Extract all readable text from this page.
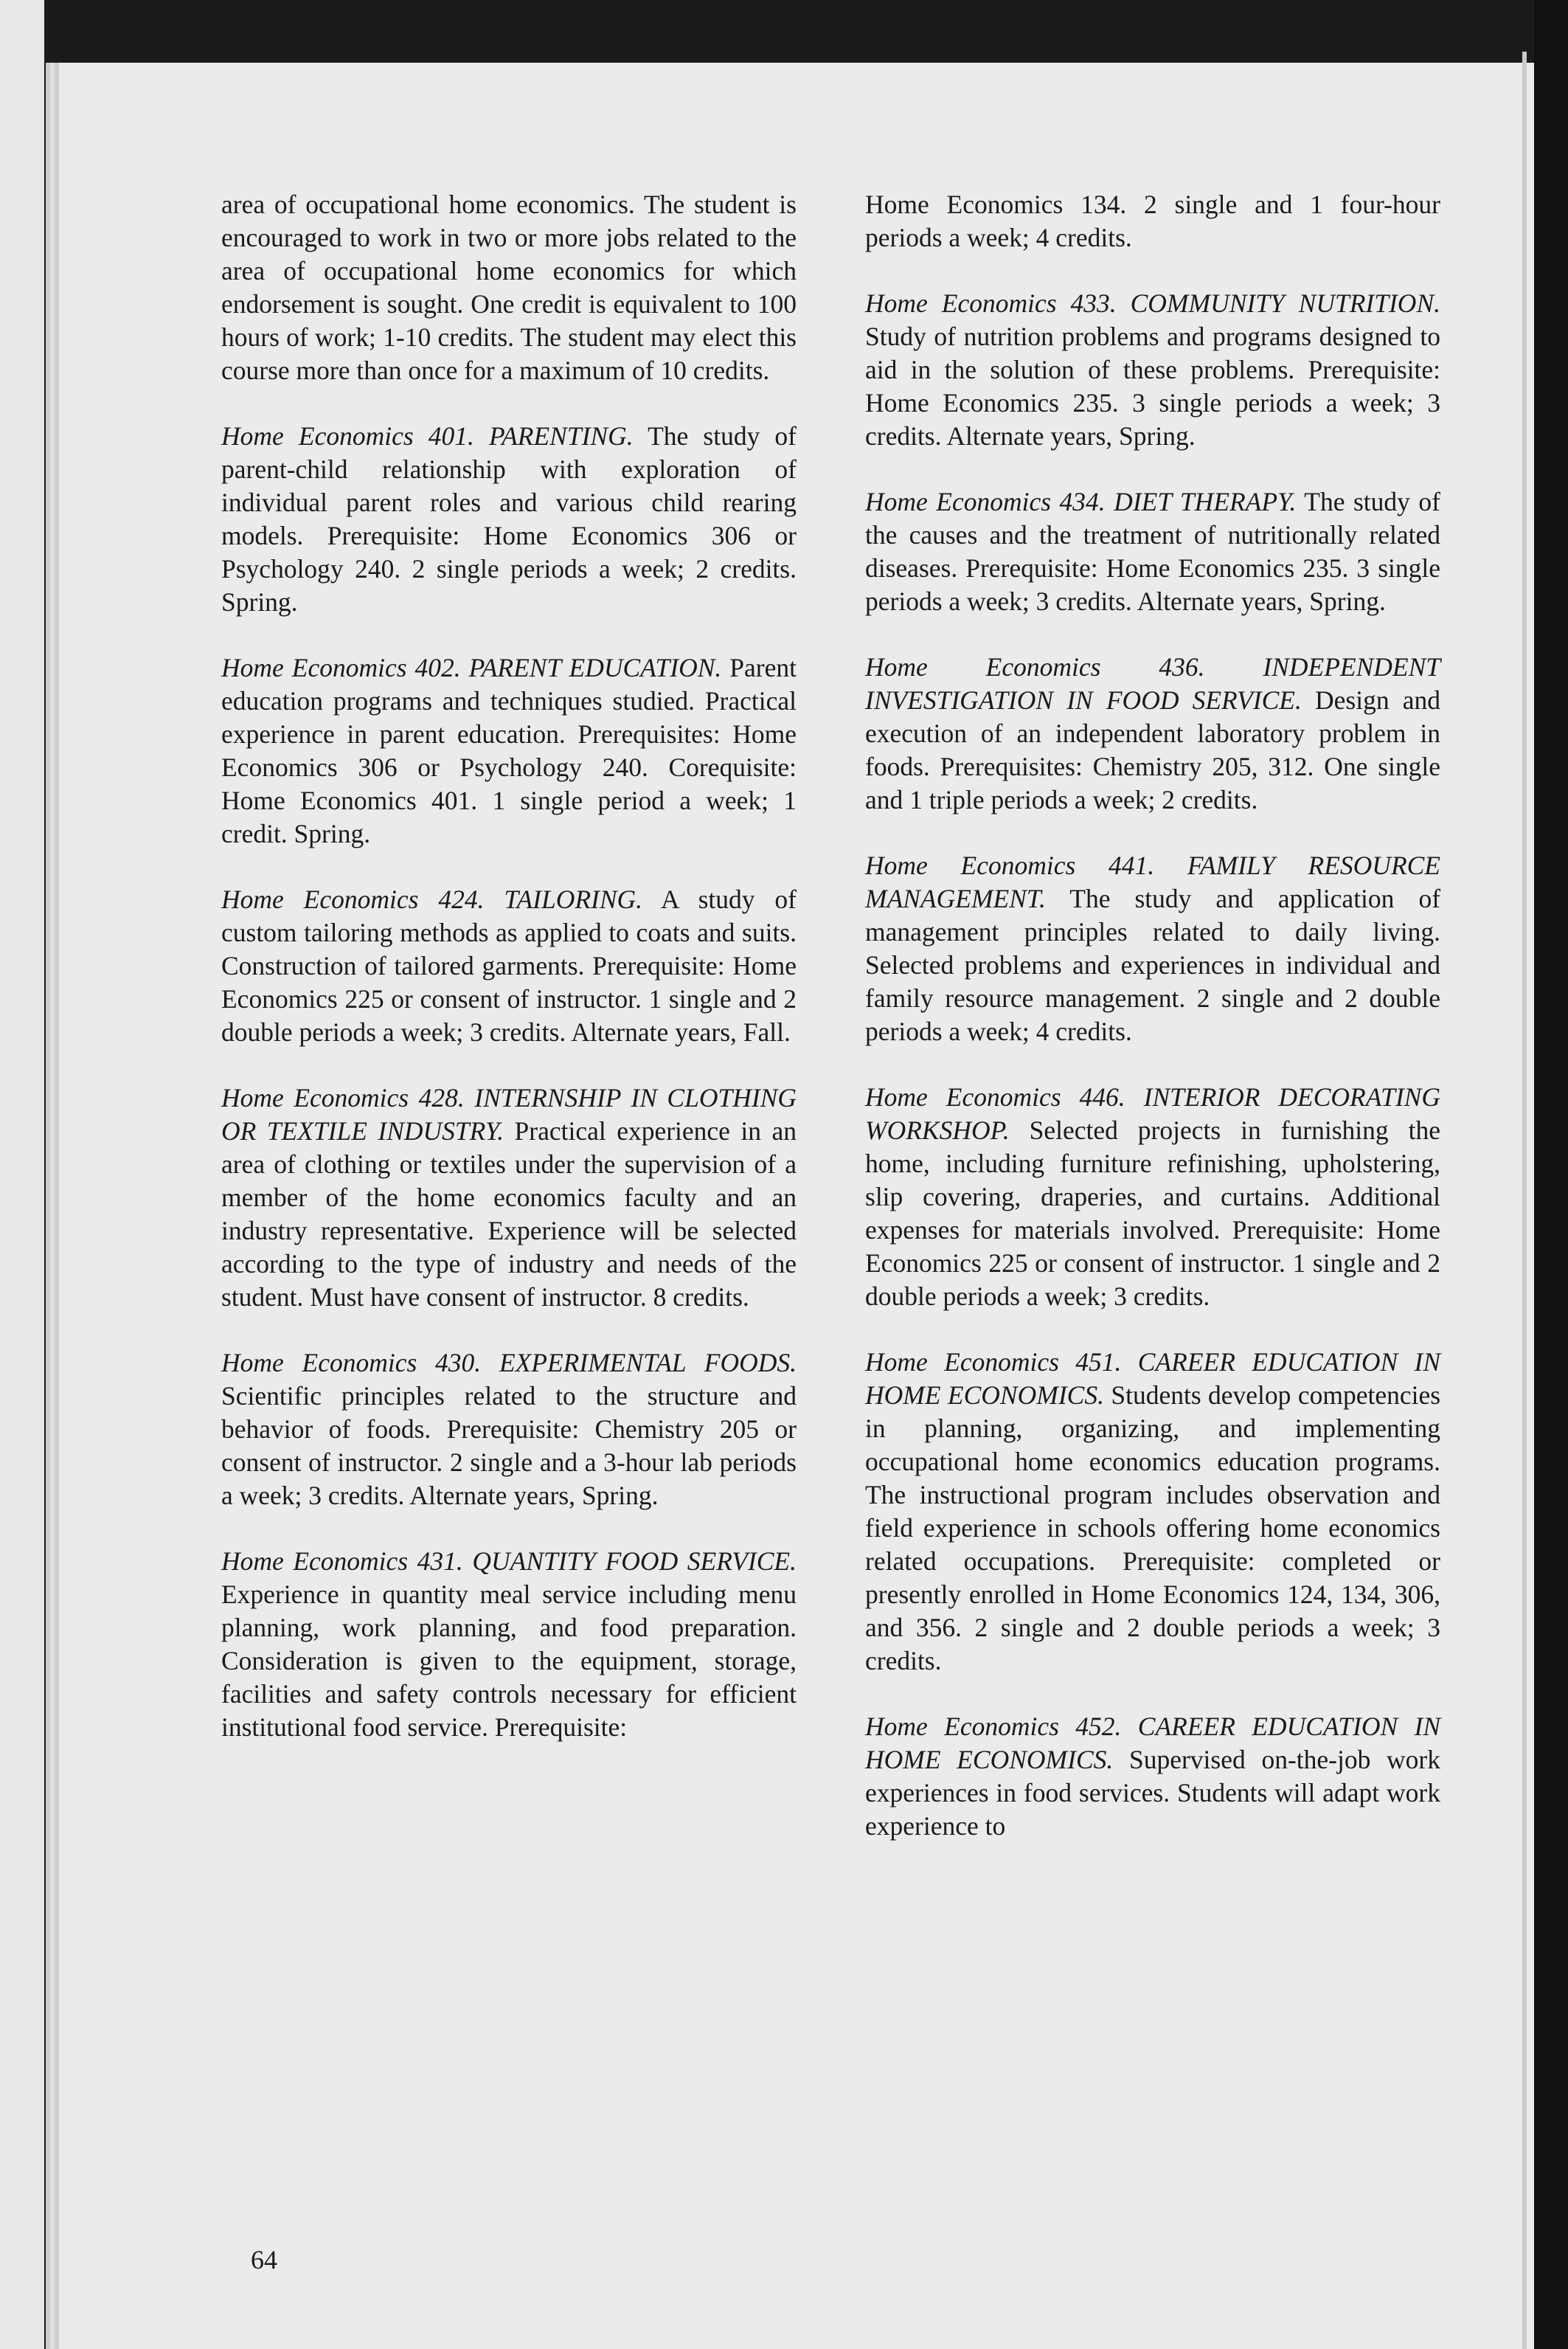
area of occupational home economics. The student is encouraged to work in two or more jobs related to the area of occupational home economics for which endorsement is sought. One credit is equivalent to 100 hours of work; 1-10 credits. The student may elect this course more than once for a maximum of 10 credits.

Home Economics 401. PARENTING. The study of parent-child relationship with exploration of individual parent roles and various child rearing models. Prerequisite: Home Economics 306 or Psychology 240. 2 single periods a week; 2 credits. Spring.

Home Economics 402. PARENT EDUCATION. Parent education programs and techniques studied. Practical experience in parent education. Prerequisites: Home Economics 306 or Psychology 240. Corequisite: Home Economics 401. 1 single period a week; 1 credit. Spring.

Home Economics 424. TAILORING. A study of custom tailoring methods as applied to coats and suits. Construction of tailored garments. Prerequisite: Home Economics 225 or consent of instructor. 1 single and 2 double periods a week; 3 credits. Alternate years, Fall.

Home Economics 428. INTERNSHIP IN CLOTHING OR TEXTILE INDUSTRY. Practical experience in an area of clothing or textiles under the supervision of a member of the home economics faculty and an industry representative. Experience will be selected according to the type of industry and needs of the student. Must have consent of instructor. 8 credits.

Home Economics 430. EXPERIMENTAL FOODS. Scientific principles related to the structure and behavior of foods. Prerequisite: Chemistry 205 or consent of instructor. 2 single and a 3-hour lab periods a week; 3 credits. Alternate years, Spring.

Home Economics 431. QUANTITY FOOD SERVICE. Experience in quantity meal service including menu planning, work planning, and food preparation. Consideration is given to the equipment, storage, facilities and safety controls necessary for efficient institutional food service. Prerequisite:

Home Economics 134. 2 single and 1 four-hour periods a week; 4 credits.

Home Economics 433. COMMUNITY NUTRITION. Study of nutrition problems and programs designed to aid in the solution of these problems. Prerequisite: Home Economics 235. 3 single periods a week; 3 credits. Alternate years, Spring.

Home Economics 434. DIET THERAPY. The study of the causes and the treatment of nutritionally related diseases. Prerequisite: Home Economics 235. 3 single periods a week; 3 credits. Alternate years, Spring.

Home Economics 436. INDEPENDENT INVESTIGATION IN FOOD SERVICE. Design and execution of an independent laboratory problem in foods. Prerequisites: Chemistry 205, 312. One single and 1 triple periods a week; 2 credits.

Home Economics 441. FAMILY RESOURCE MANAGEMENT. The study and application of management principles related to daily living. Selected problems and experiences in individual and family resource management. 2 single and 2 double periods a week; 4 credits.

Home Economics 446. INTERIOR DECORATING WORKSHOP. Selected projects in furnishing the home, including furniture refinishing, upholstering, slip covering, draperies, and curtains. Additional expenses for materials involved. Prerequisite: Home Economics 225 or consent of instructor. 1 single and 2 double periods a week; 3 credits.

Home Economics 451. CAREER EDUCATION IN HOME ECONOMICS. Students develop competencies in planning, organizing, and implementing occupational home economics education programs. The instructional program includes observation and field experience in schools offering home economics related occupations. Prerequisite: completed or presently enrolled in Home Economics 124, 134, 306, and 356. 2 single and 2 double periods a week; 3 credits.

Home Economics 452. CAREER EDUCATION IN HOME ECONOMICS. Supervised on-the-job work experiences in food services. Students will adapt work experience to

64
